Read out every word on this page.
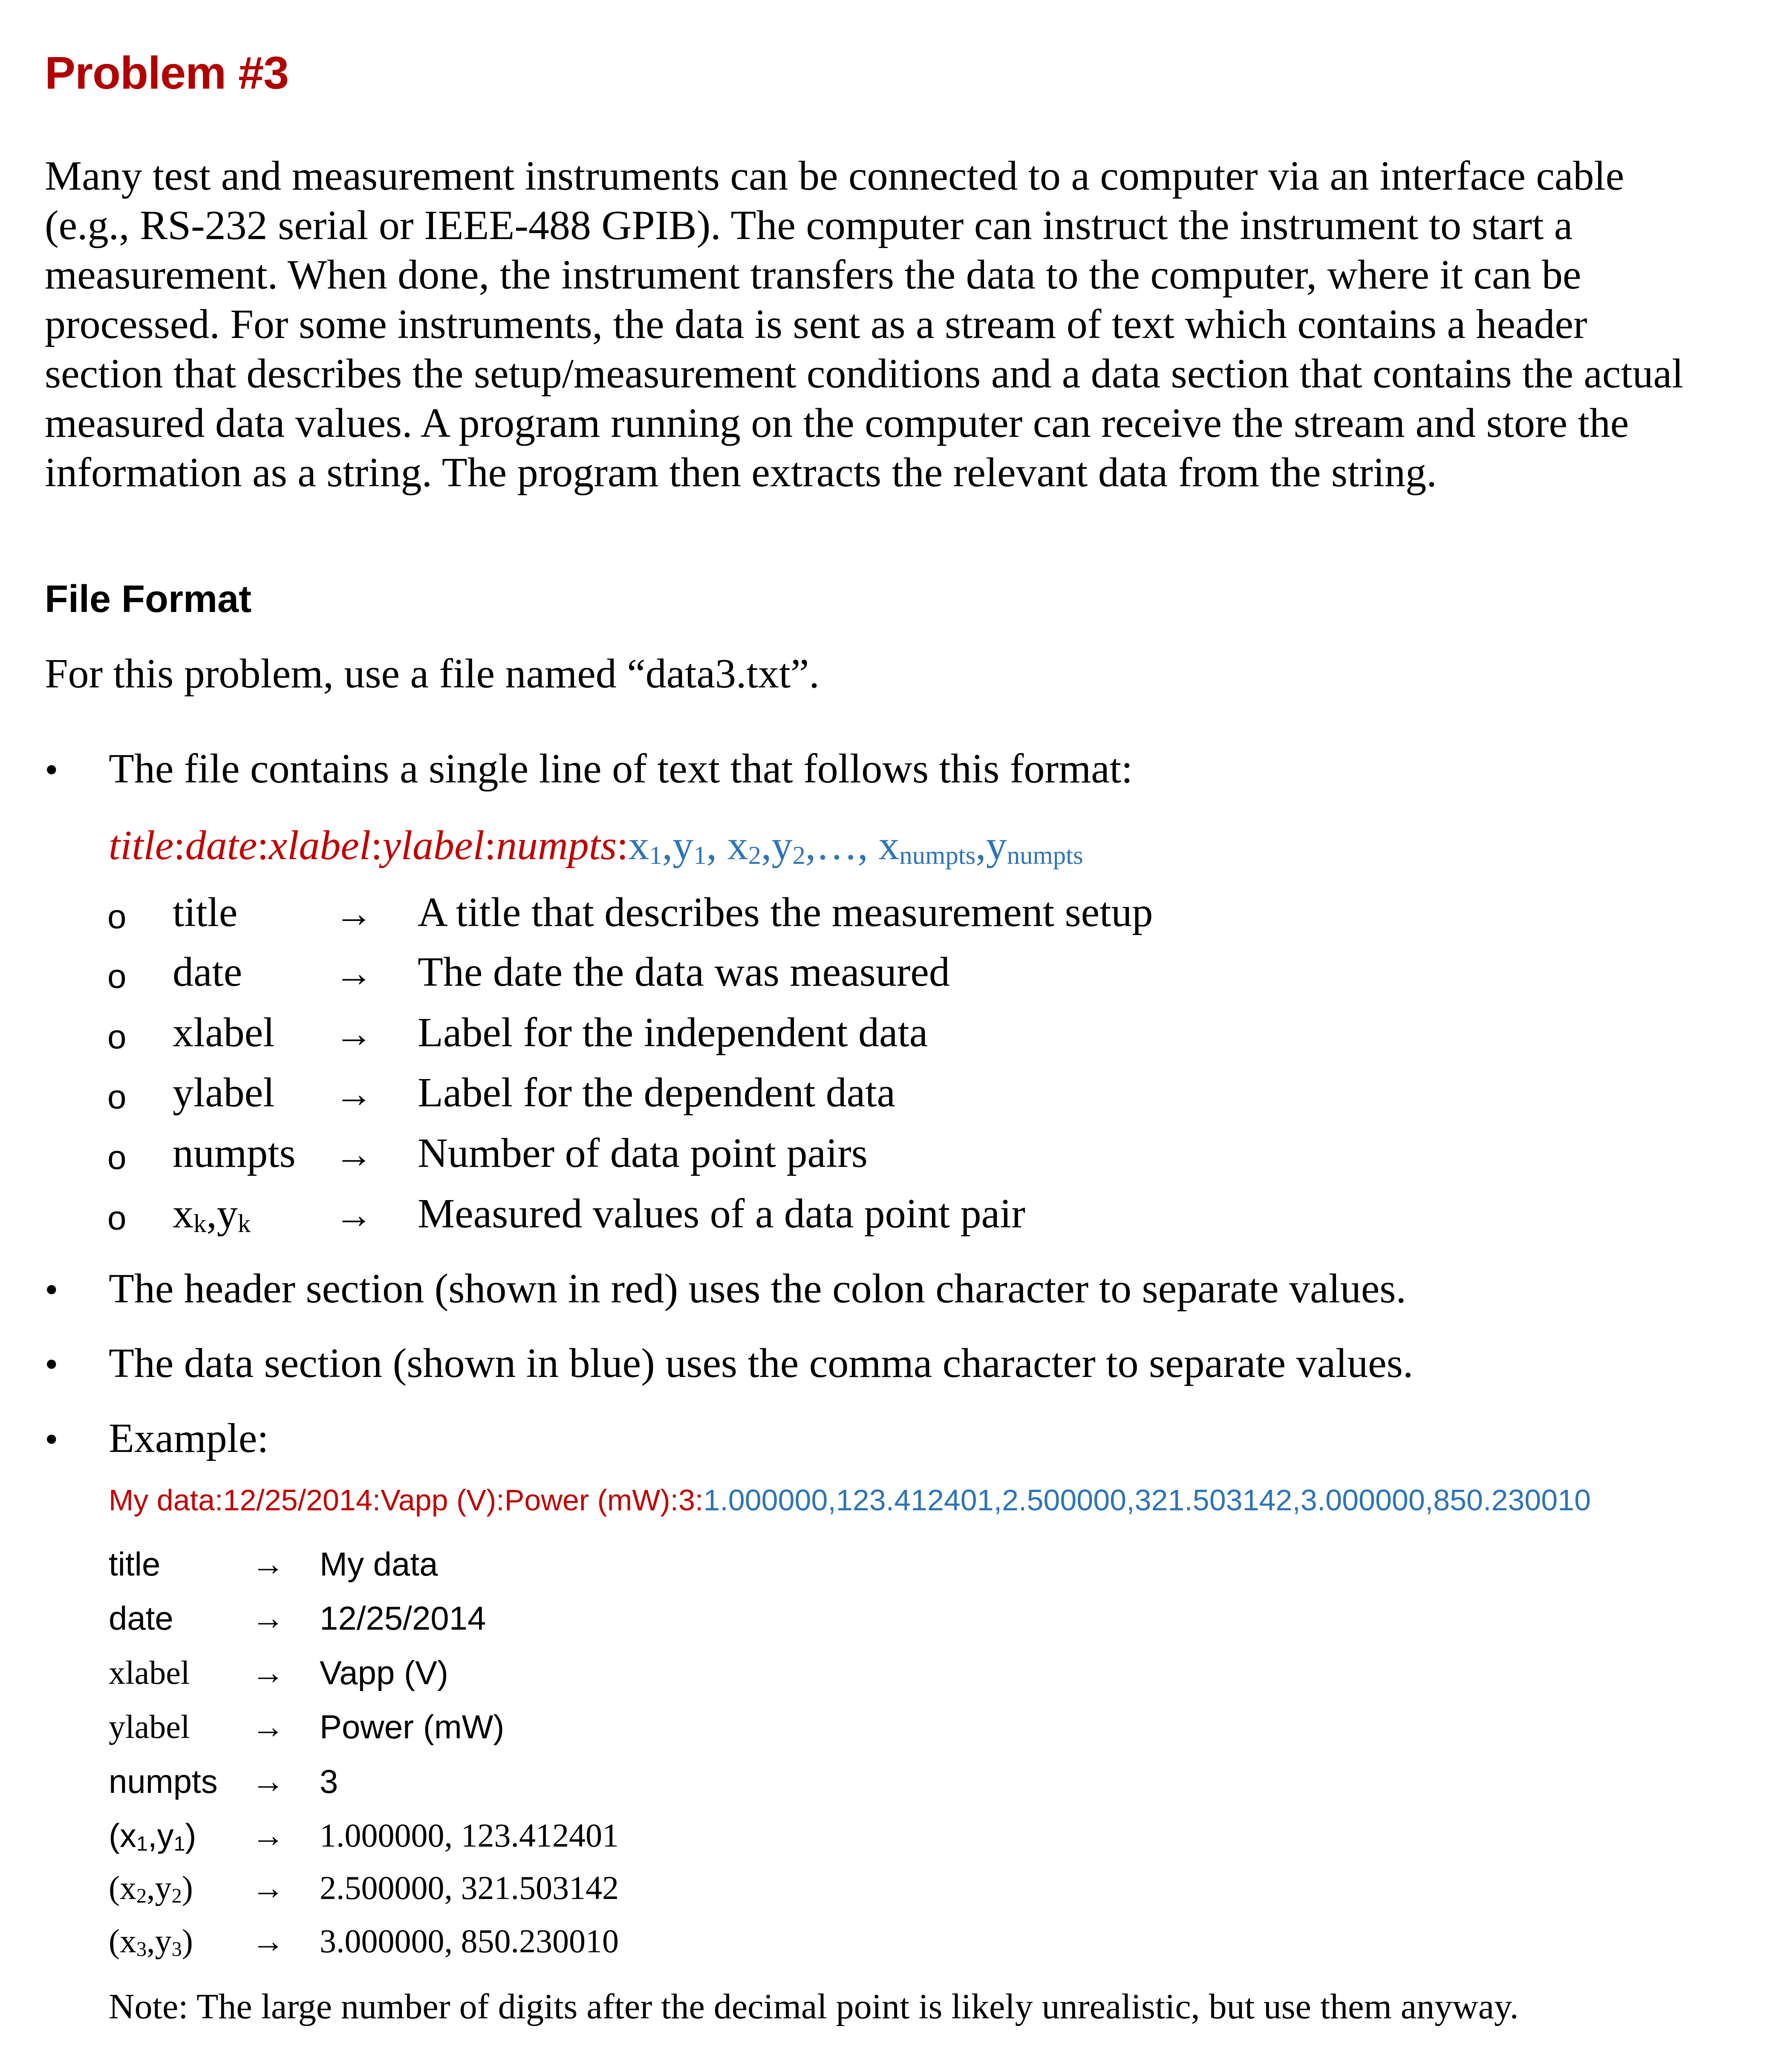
Problem #3
Many test and measurement instruments can be connected to a computer via an interface cable
(e.g., RS-232 serial or IEEE-488 GPIB). The computer can instruct the instrument to start a
measurement. When done, the instrument transfers the data to the computer, where it can be
processed. For some instruments, the data is sent as a stream of text which contains a header
section that describes the setup/measurement conditions and a data section that contains the actual
measured data values. A program running on the computer can receive the stream and store the
information as a string. The program then extracts the relevant data from the string.
File Format
For this problem, use a file named “data3.txt”.
• The file contains a single line of text that follows this format:
$title:date:xlabel:ylabel:numpts:x_1,y_1$, $x_2,y_2,\dots$, $x_{numpts},y_{numpts}$
o title	→ A title that describes the measurement setup
o date → The date the data was measured
o xlabel → Label for the independent data
o ylabel → Label for the dependent data
o numpts → Number of data point pairs
o $x_k,y_k$ → Measured values of a data point pair
• The header section (shown in red) uses the colon character to separate values.
• The data section (shown in blue) uses the comma character to separate values.
• Example:
My data:12/25/2014:Vapp (V):Power (mW):3:1.000000,123.412401,2.500000,321.503142,3.000000,850.230010
title	→ My data
date → 12/25/2014
xlabel → Vapp (V)
ylabel → Power (mW)
numpts → 3
$(x_1,y_1) \to 1.000000$, 123.412401
$(x_2,y_2) \to 2.500000$, 321.503142
$(x_3,y_3) \to 3.000000$, 850.230010
Note: The large number of digits after the decimal point is likely unrealistic, but use them anyway.
